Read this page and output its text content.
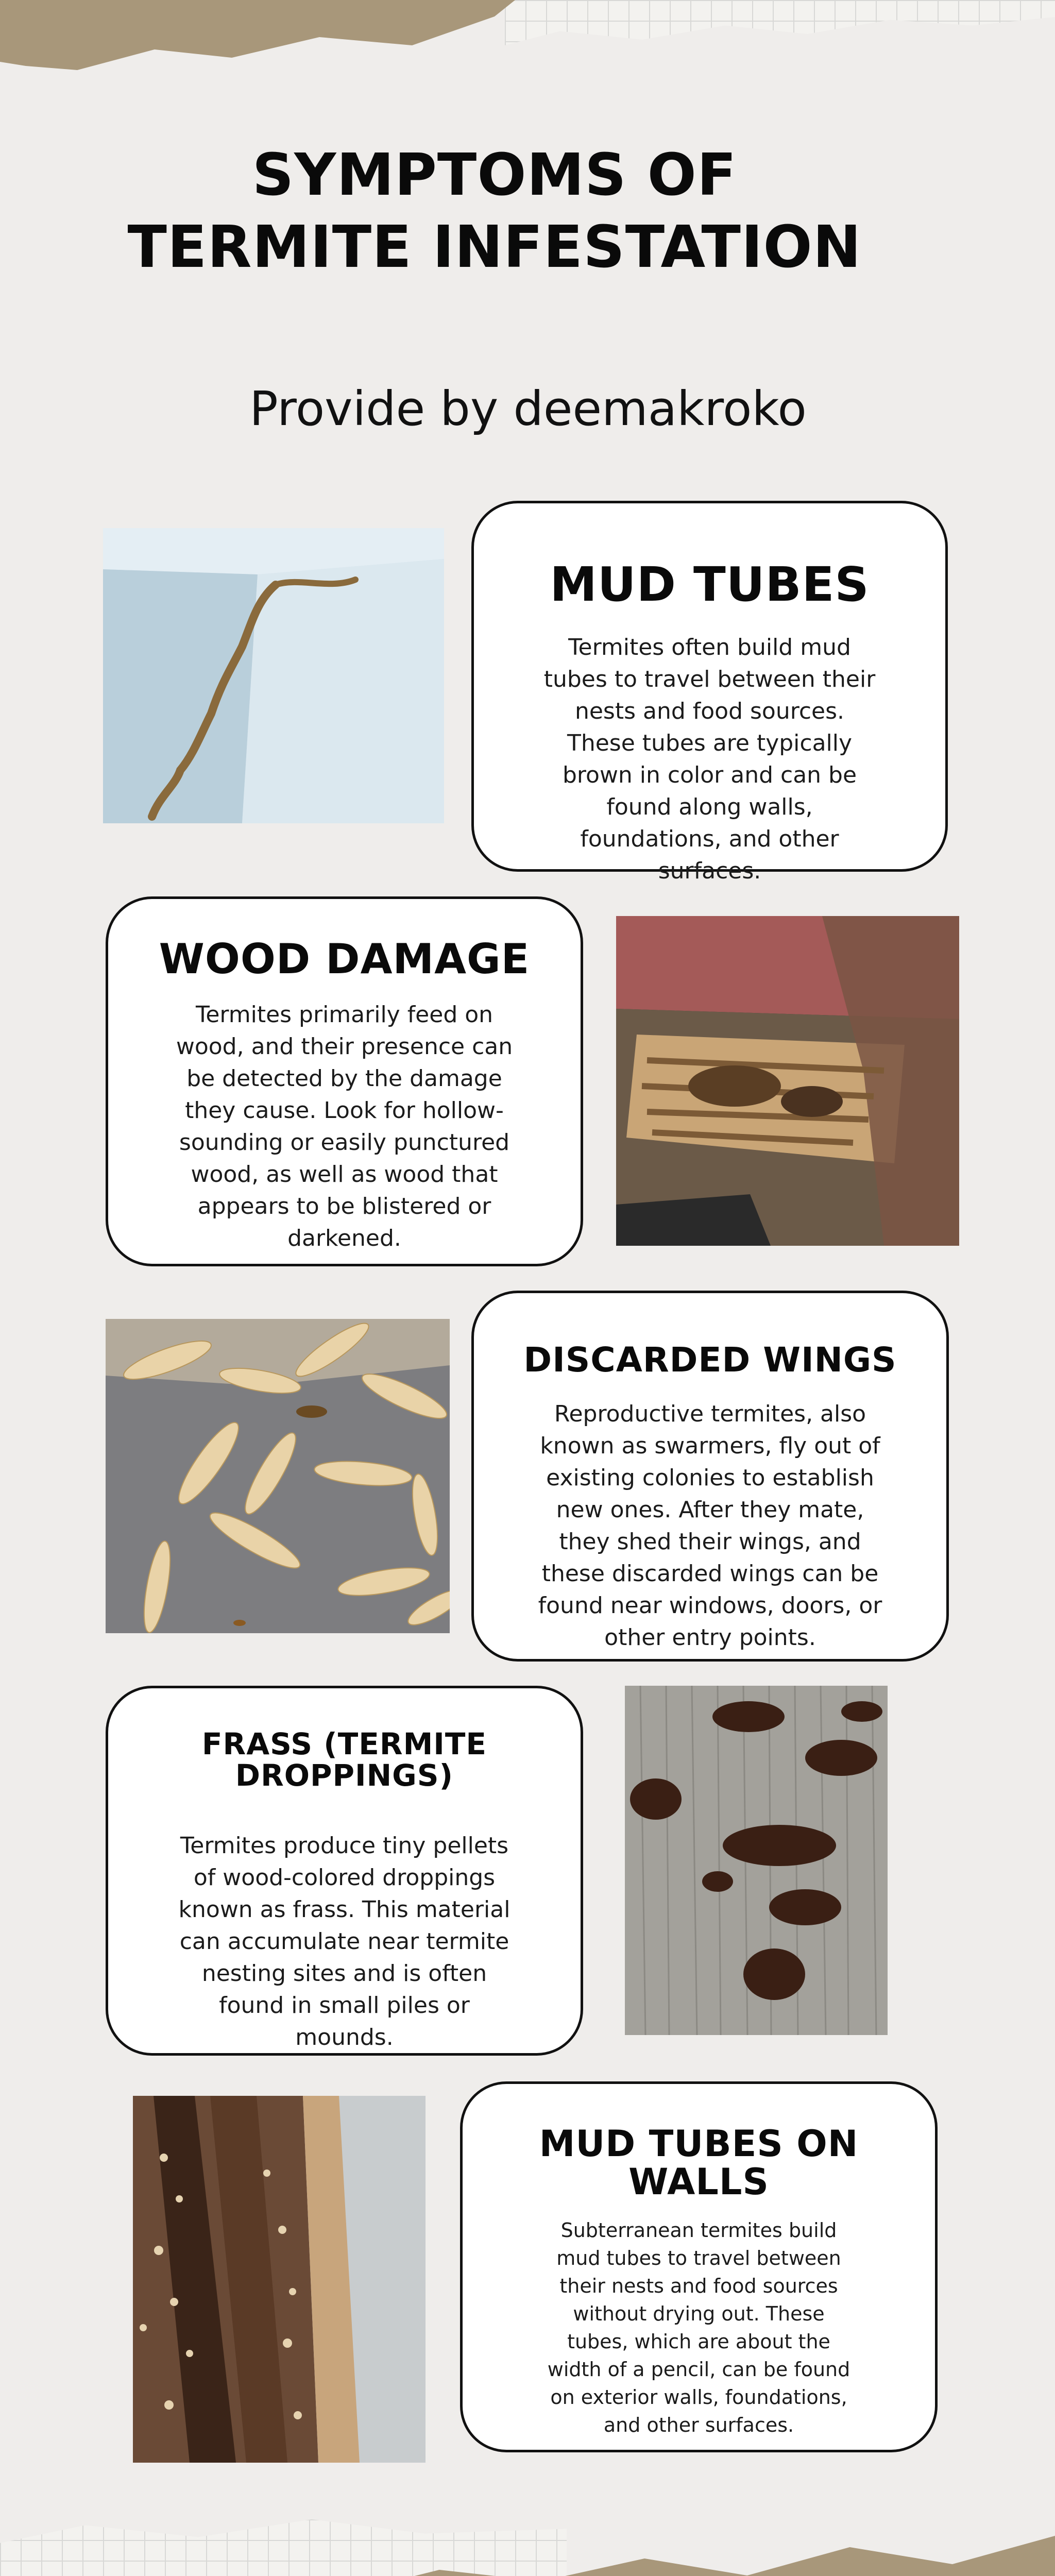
SYMPTOMS OF
TERMITE INFESTATION
Provide by deemakroko
MUD TUBES
Termites often build mud tubes to travel between their nests and food sources. These tubes are typically brown in color and can be found along walls, foundations, and other surfaces.
WOOD DAMAGE
Termites primarily feed on wood, and their presence can be detected by the damage they cause. Look for hollow-sounding or easily punctured wood, as well as wood that appears to be blistered or darkened.
DISCARDED WINGS
Reproductive termites, also known as swarmers, fly out of existing colonies to establish new ones. After they mate, they shed their wings, and these discarded wings can be found near windows, doors, or other entry points.
FRASS (TERMITE DROPPINGS)
Termites produce tiny pellets of wood-colored droppings known as frass. This material can accumulate near termite nesting sites and is often found in small piles or mounds.
MUD TUBES ON WALLS
Subterranean termites build mud tubes to travel between their nests and food sources without drying out. These tubes, which are about the width of a pencil, can be found on exterior walls, foundations, and other surfaces.
